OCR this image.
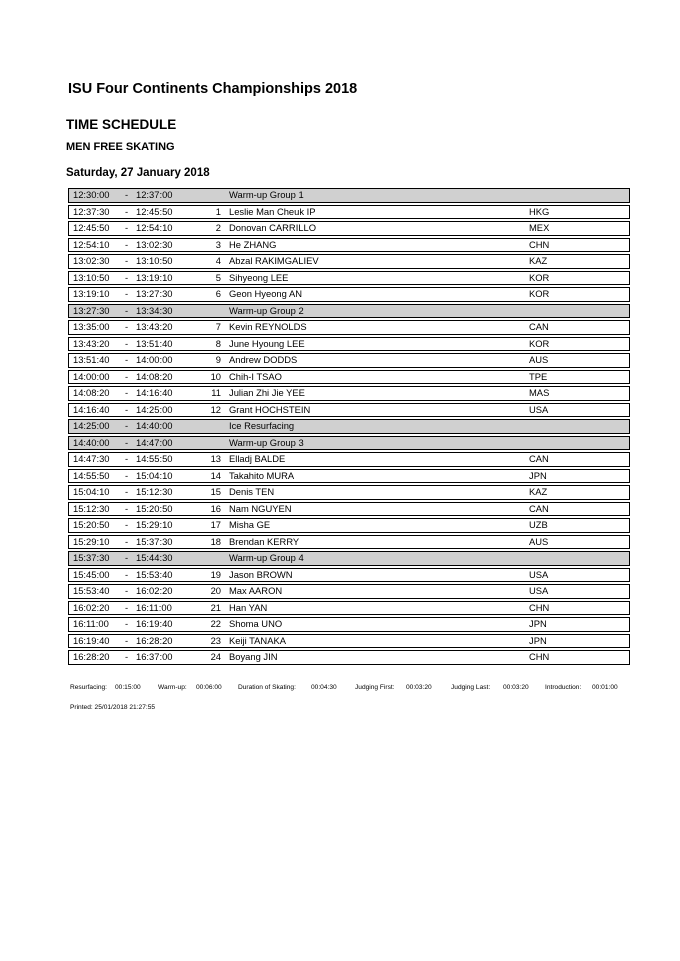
ISU Four Continents Championships 2018
TIME SCHEDULE
MEN FREE SKATING
Saturday, 27 January 2018
12:30:00 - 12:37:00	Warm-up Group 1
12:37:30 - 12:45:50	1 Leslie Man Cheuk IP	HKG
12:45:50 - 12:54:10	2 Donovan CARRILLO	MEX
12:54:10 - 13:02:30	3 He ZHANG	CHN
13:02:30 - 13:10:50	4 Abzal RAKIMGALIEV	KAZ
13:10:50 - 13:19:10	5 Sihyeong LEE	KOR
13:19:10 - 13:27:30	6 Geon Hyeong AN	KOR
13:27:30 - 13:34:30	Warm-up Group 2
13:35:00 - 13:43:20	7 Kevin REYNOLDS	CAN
13:43:20 - 13:51:40	8 June Hyoung LEE	KOR
13:51:40 - 14:00:00	9 Andrew DODDS	AUS
14:00:00 - 14:08:20	10 Chih-I TSAO	TPE
14:08:20 - 14:16:40	11 Julian Zhi Jie YEE	MAS
14:16:40 - 14:25:00	12 Grant HOCHSTEIN	USA
14:25:00 - 14:40:00	Ice Resurfacing
14:40:00 - 14:47:00	Warm-up Group 3
14:47:30 - 14:55:50	13 Elladj BALDE	CAN
14:55:50 - 15:04:10	14 Takahito MURA	JPN
15:04:10 - 15:12:30	15 Denis TEN	KAZ
15:12:30 - 15:20:50	16 Nam NGUYEN	CAN
15:20:50 - 15:29:10	17 Misha GE	UZB
15:29:10 - 15:37:30	18 Brendan KERRY	AUS
15:37:30 - 15:44:30	Warm-up Group 4
15:45:00 - 15:53:40	19 Jason BROWN	USA
15:53:40 - 16:02:20	20 Max AARON	USA
16:02:20 - 16:11:00	21 Han YAN	CHN
16:11:00 - 16:19:40	22 Shoma UNO	JPN
16:19:40 - 16:28:20	23 Keiji TANAKA	JPN
16:28:20 - 16:37:00	24 Boyang JIN	CHN
Resurfacing: 00:15:00	Warm-up: 00:06:00 Duration of Skating: 00:04:30	Judging First: 00:03:20	Judging Last: 00:03:20 Introduction: 00:01:00
Printed: 25/01/2018 21:27:55
